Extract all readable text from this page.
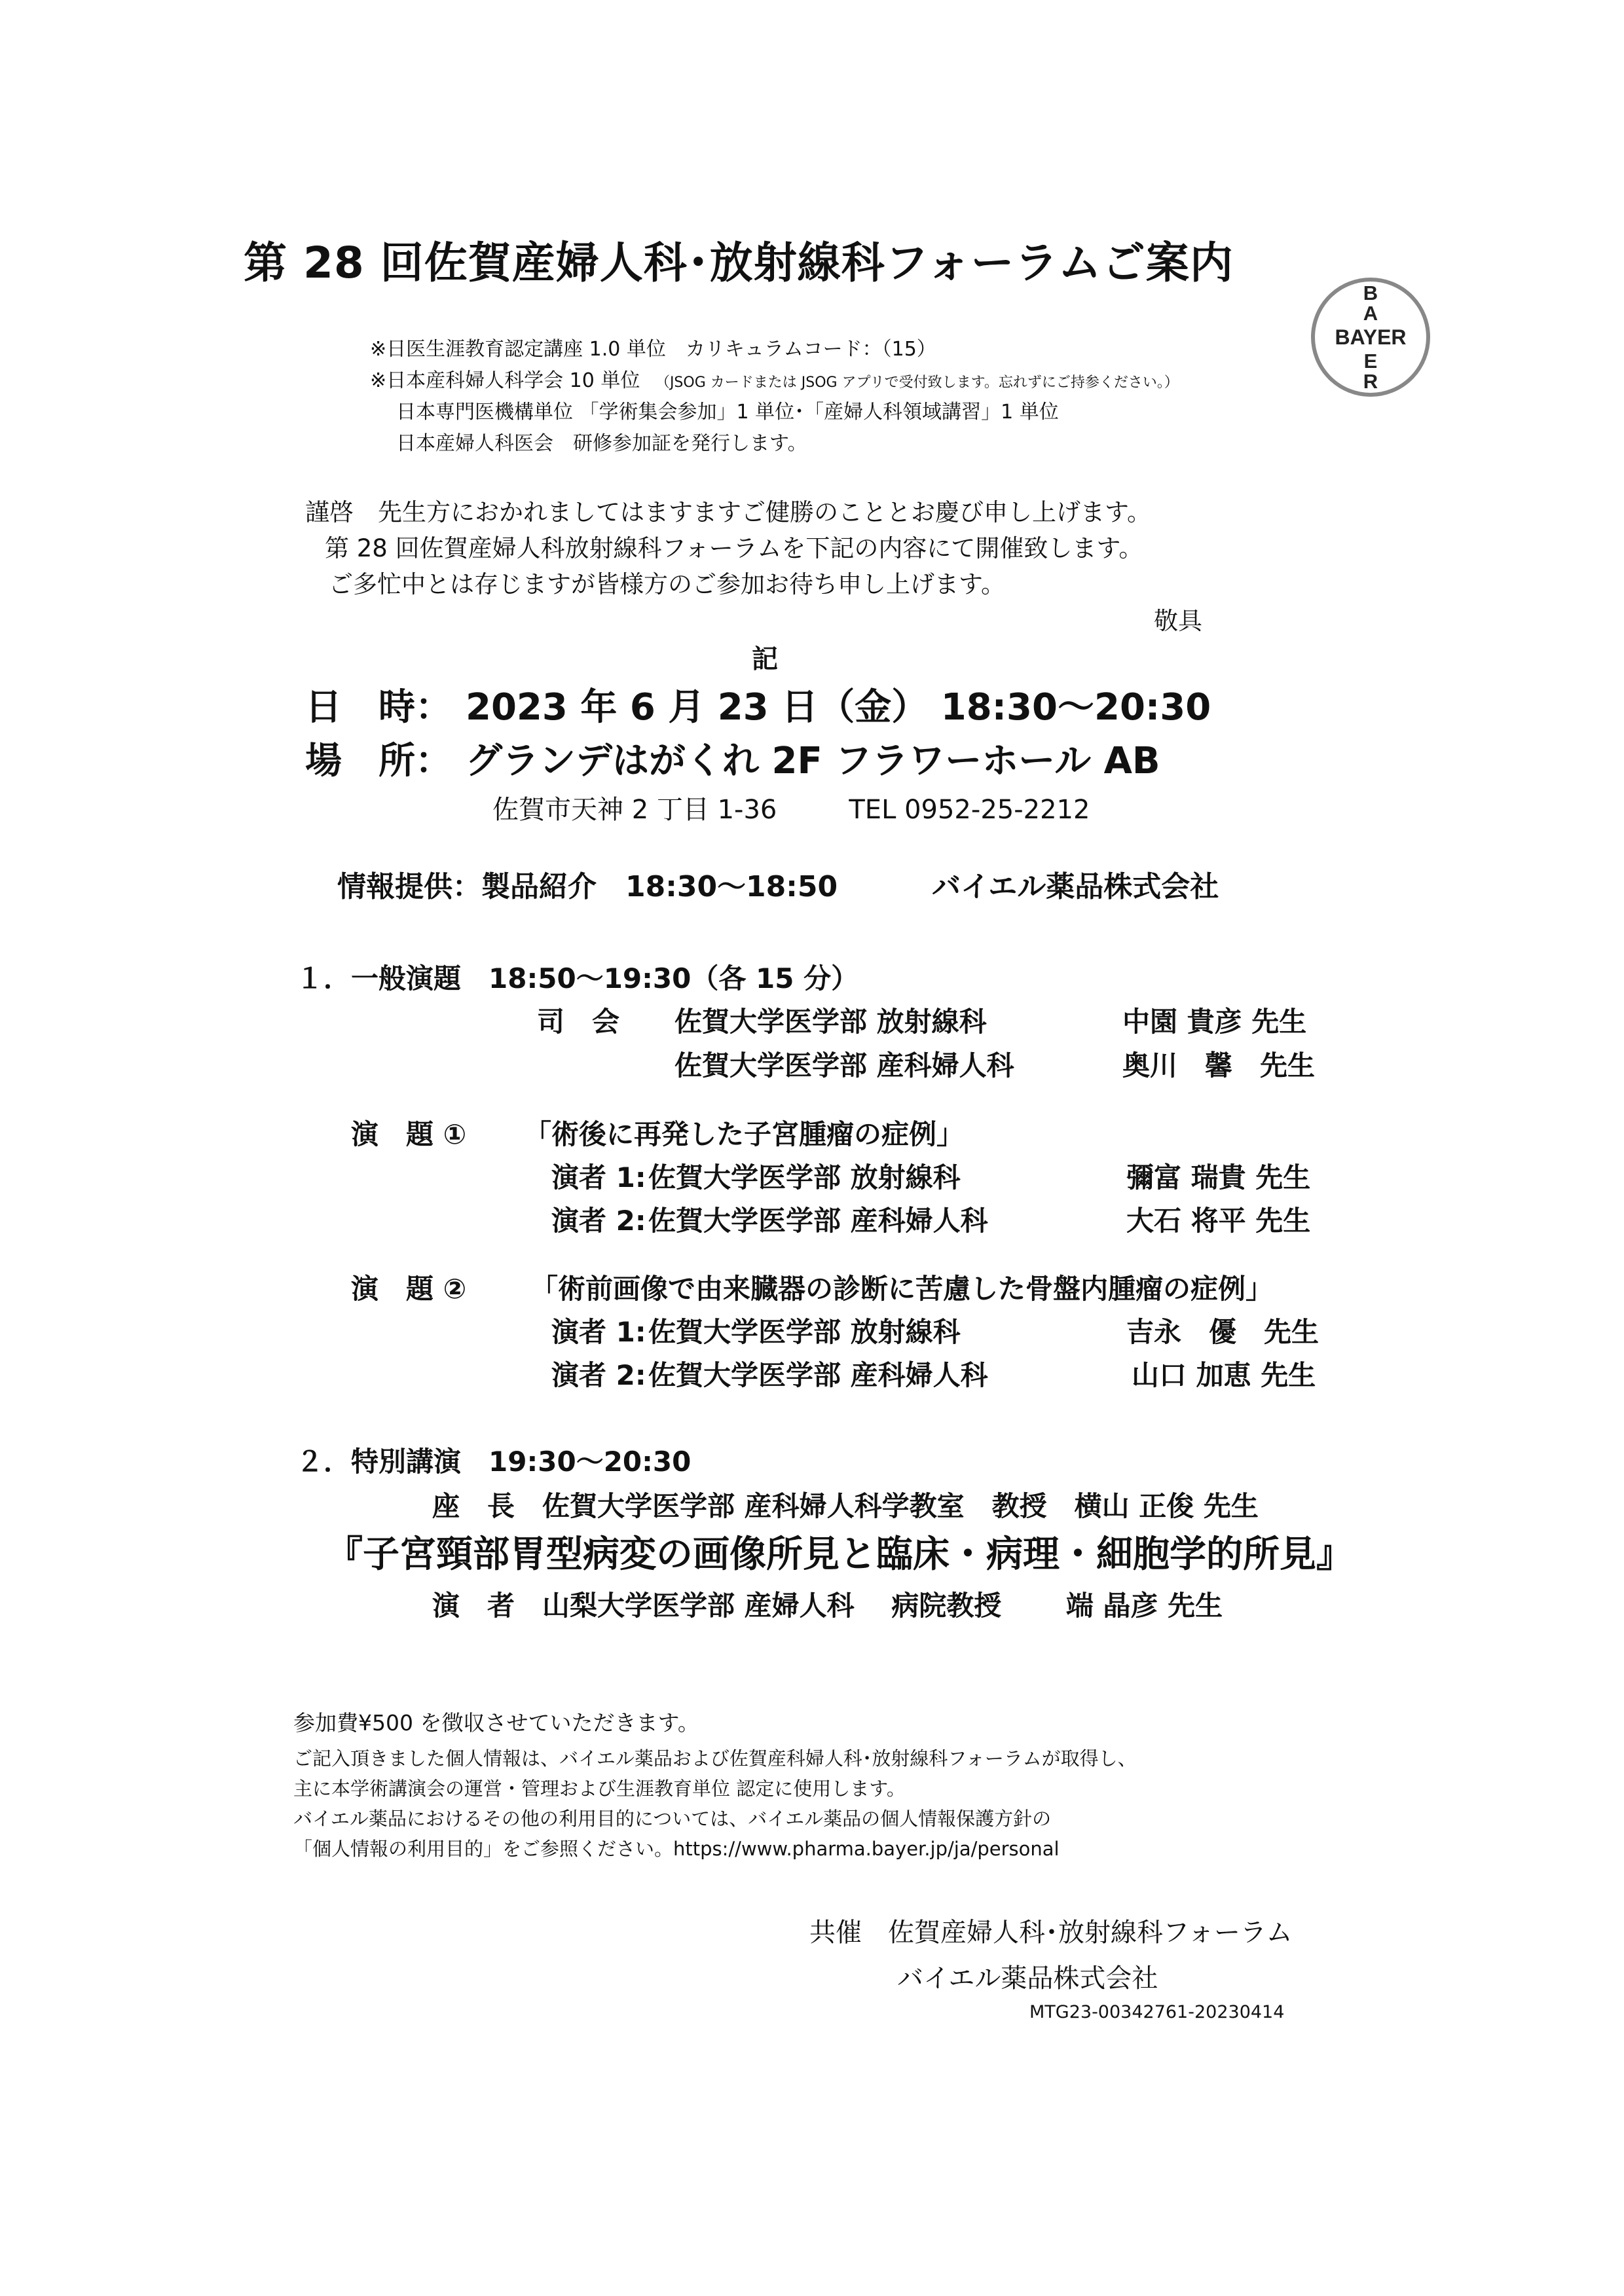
第 28 回佐賀産婦人科･放射線科フォーラムご案内
B
A
BAYER
E
R
※日医生涯教育認定講座 1.0 単位　カリキュラムコード：（15）
※日本産科婦人科学会 10 単位 （JSOG カードまたは JSOG アプリで受付致します。忘れずにご持参ください。）
日本専門医機構単位 「学術集会参加」1 単位･「産婦人科領域講習」1 単位
日本産婦人科医会　研修参加証を発行します。
謹啓　先生方におかれましてはますますご健勝のこととお慶び申し上げます。
第 28 回佐賀産婦人科放射線科フォーラムを下記の内容にて開催致します。
ご多忙中とは存じますが皆様方のご参加お待ち申し上げます。
敬具
記
日　時： 2023 年 6 月 23 日（金） 18:30～20:30
場　所： グランデはがくれ 2F フラワーホール AB
佐賀市天神 2 丁目 1-36	TEL 0952-25-2212
情報提供：製品紹介　18:30～18:50	バイエル薬品株式会社
１．一般演題　18:50～19:30（各 15 分）
司　会 佐賀大学医学部 放射線科	中園 貴彦 先生
佐賀大学医学部 産科婦人科	奥川　馨　先生
演　題 ① 「術後に再発した子宮腫瘤の症例」
演者 1: 佐賀大学医学部 放射線科	彌富 瑞貴 先生
演者 2: 佐賀大学医学部 産科婦人科	大石 将平 先生
演　題 ② 「術前画像で由来臓器の診断に苦慮した骨盤内腫瘤の症例」
演者 1: 佐賀大学医学部 放射線科	吉永　優　先生
演者 2: 佐賀大学医学部 産科婦人科	山口 加恵 先生
２．特別講演　19:30～20:30
座　長　佐賀大学医学部 産科婦人科学教室　教授　横山 正俊 先生
『子宮頸部胃型病変の画像所見と臨床・病理・細胞学的所見』
演　者　山梨大学医学部 産婦人科　 病院教授　　 端 晶彦 先生
参加費¥500 を徴収させていただきます。
ご記入頂きました個人情報は、バイエル薬品および佐賀産科婦人科･放射線科フォーラムが取得し、
主に本学術講演会の運営・管理および生涯教育単位 認定に使用します。
バイエル薬品におけるその他の利用目的については、バイエル薬品の個人情報保護方針の
「個人情報の利用目的」をご参照ください。https://www.pharma.bayer.jp/ja/personal
共催　佐賀産婦人科･放射線科フォーラム
バイエル薬品株式会社
MTG23-00342761-20230414
